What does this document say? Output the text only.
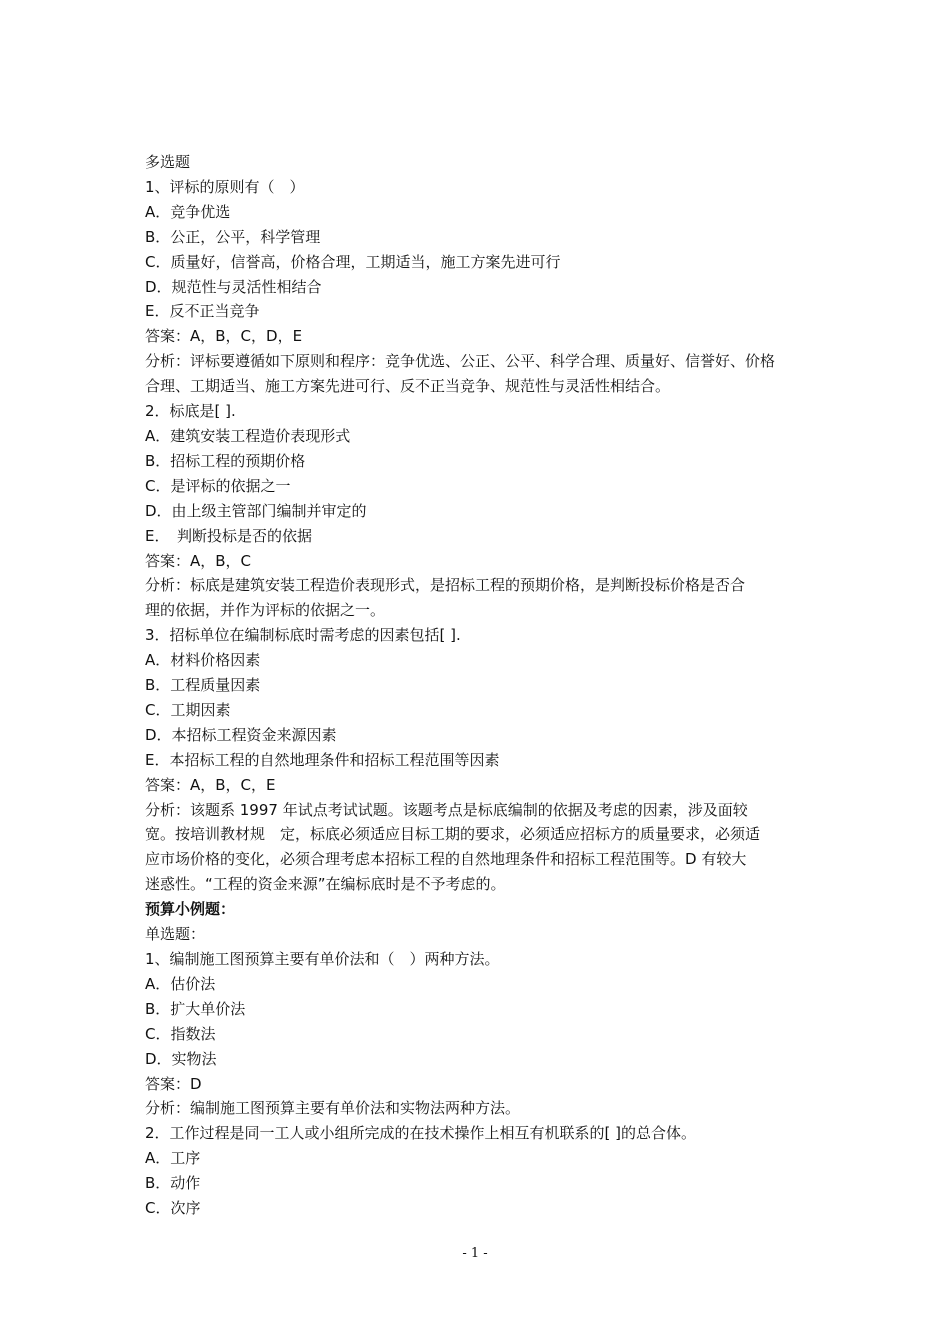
多选题

1、评标的原则有（　）

A．竞争优选

B．公正，公平，科学管理

C．质量好，信誉高，价格合理，工期适当，施工方案先进可行

D．规范性与灵活性相结合

E．反不正当竞争

答案：A，B，C，D，E

分析：评标要遵循如下原则和程序：竞争优选、公正、公平、科学合理、质量好、信誉好、价格

合理、工期适当、施工方案先进可行、反不正当竞争、规范性与灵活性相结合。

2．标底是[ ].

A．建筑安装工程造价表现形式

B．招标工程的预期价格

C．是评标的依据之一

D．由上级主管部门编制并审定的

E．　判断投标是否的依据

答案：A，B，C

分析：标底是建筑安装工程造价表现形式，是招标工程的预期价格，是判断投标价格是否合

理的依据，并作为评标的依据之一。

3．招标单位在编制标底时需考虑的因素包括[ ].

A．材料价格因素

B．工程质量因素

C．工期因素

D．本招标工程资金来源因素

E．本招标工程的自然地理条件和招标工程范围等因素

答案：A，B，C，E

分析：该题系 1997 年试点考试试题。该题考点是标底编制的依据及考虑的因素，涉及面较

宽。按培训教材规　定，标底必须适应目标工期的要求，必须适应招标方的质量要求，必须适

应市场价格的变化，必须合理考虑本招标工程的自然地理条件和招标工程范围等。D 有较大

迷惑性。“工程的资金来源”在编标底时是不予考虑的。

预算小例题：

单选题：

1、编制施工图预算主要有单价法和（　）两种方法。

A．估价法

B．扩大单价法

C．指数法

D．实物法

答案：D

分析：编制施工图预算主要有单价法和实物法两种方法。

2．工作过程是同一工人或小组所完成的在技术操作上相互有机联系的[ ]的总合体。

A．工序

B．动作

C．次序

- 1 -
